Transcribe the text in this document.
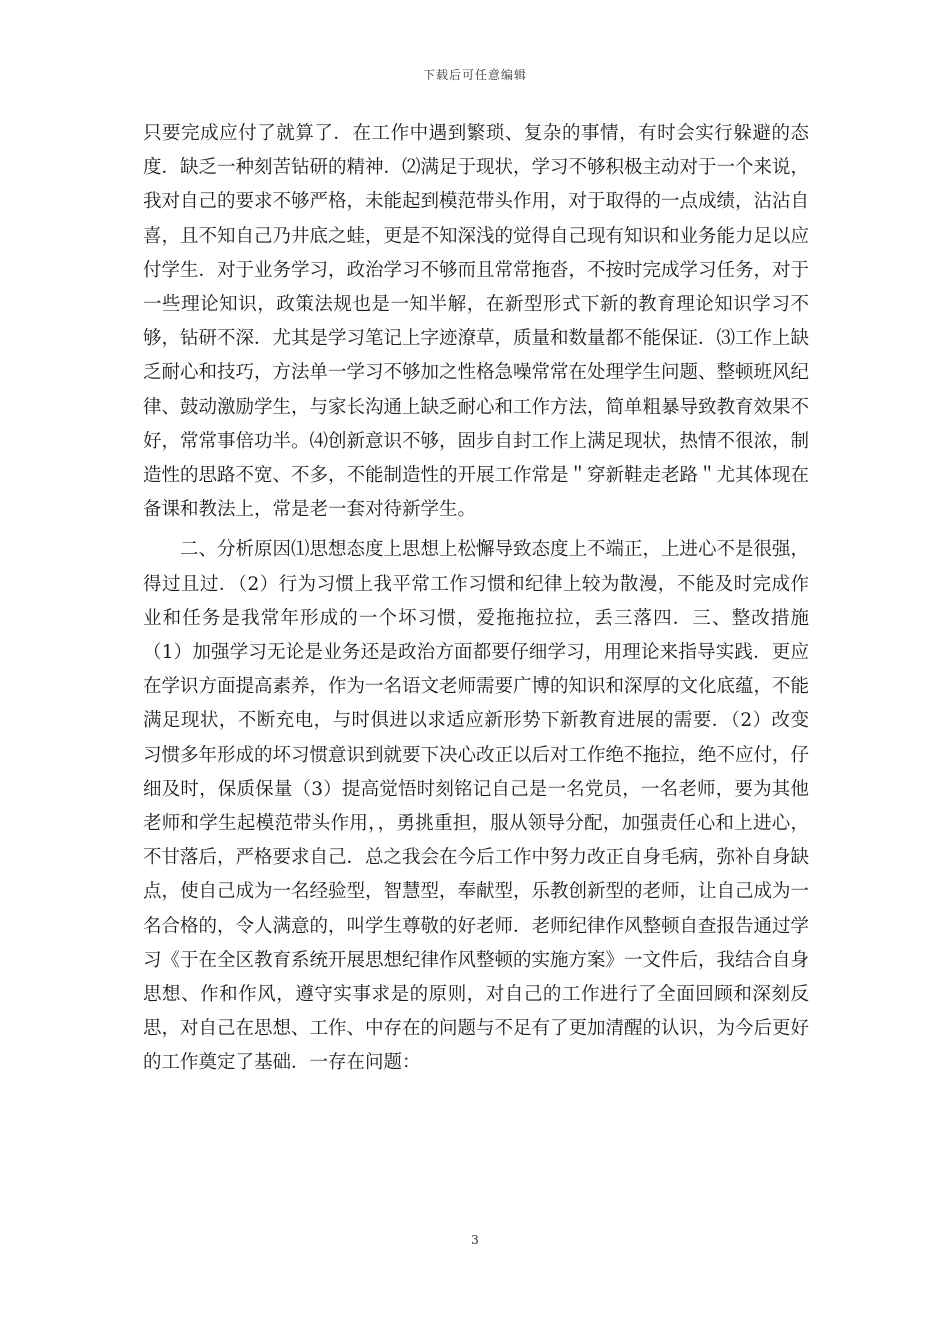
下载后可任意编辑

只要完成应付了就算了．在工作中遇到繁琐、复杂的事情，有时会实行躲避的态度．缺乏一种刻苦钻研的精神．⑵满足于现状，学习不够积极主动对于一个来说，我对自己的要求不够严格，未能起到模范带头作用，对于取得的一点成绩，沾沾自喜，且不知自己乃井底之蛙，更是不知深浅的觉得自己现有知识和业务能力足以应付学生．对于业务学习，政治学习不够而且常常拖沓，不按时完成学习任务，对于一些理论知识，政策法规也是一知半解，在新型形式下新的教育理论知识学习不够，钻研不深．尤其是学习笔记上字迹潦草，质量和数量都不能保证．⑶工作上缺乏耐心和技巧，方法单一学习不够加之性格急噪常常在处理学生问题、整顿班风纪律、鼓动激励学生，与家长沟通上缺乏耐心和工作方法，简单粗暴导致教育效果不好，常常事倍功半。⑷创新意识不够，固步自封工作上满足现状，热情不很浓，制造性的思路不宽、不多，不能制造性的开展工作常是＂穿新鞋走老路＂尤其体现在备课和教法上，常是老一套对待新学生。

二、分析原因⑴思想态度上思想上松懈导致态度上不端正，上进心不是很强，得过且过．（2）行为习惯上我平常工作习惯和纪律上较为散漫，不能及时完成作业和任务是我常年形成的一个坏习惯，爱拖拖拉拉，丢三落四．三、整改措施（1）加强学习无论是业务还是政治方面都要仔细学习，用理论来指导实践．更应在学识方面提高素养，作为一名语文老师需要广博的知识和深厚的文化底蕴，不能满足现状，不断充电，与时俱进以求适应新形势下新教育进展的需要．（2）改变习惯多年形成的坏习惯意识到就要下决心改正以后对工作绝不拖拉，绝不应付，仔细及时，保质保量（3）提高觉悟时刻铭记自己是一名党员，一名老师，要为其他老师和学生起模范带头作用，，勇挑重担，服从领导分配，加强责任心和上进心，不甘落后，严格要求自己．总之我会在今后工作中努力改正自身毛病，弥补自身缺点，使自己成为一名经验型，智慧型，奉献型，乐教创新型的老师，让自己成为一名合格的，令人满意的，叫学生尊敬的好老师．老师纪律作风整顿自查报告通过学习《于在全区教育系统开展思想纪律作风整顿的实施方案》一文件后，我结合自身思想、作和作风，遵守实事求是的原则，对自己的工作进行了全面回顾和深刻反思，对自己在思想、工作、中存在的问题与不足有了更加清醒的认识，为今后更好的工作奠定了基础．一存在问题：

3
